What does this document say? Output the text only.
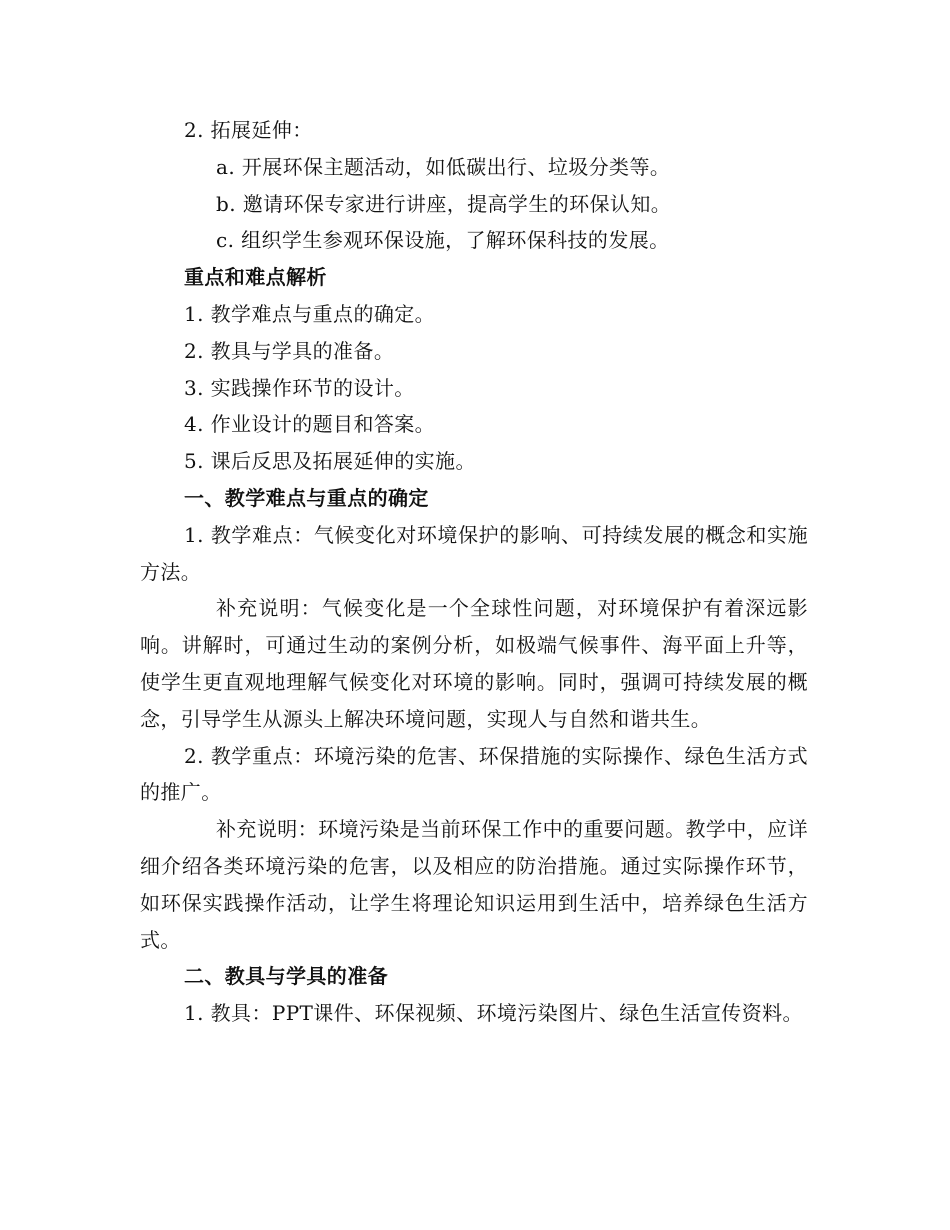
2. 拓展延伸：
a. 开展环保主题活动，如低碳出行、垃圾分类等。
b. 邀请环保专家进行讲座，提高学生的环保认知。
c. 组织学生参观环保设施，了解环保科技的发展。
重点和难点解析
1. 教学难点与重点的确定。
2. 教具与学具的准备。
3. 实践操作环节的设计。
4. 作业设计的题目和答案。
5. 课后反思及拓展延伸的实施。
一、教学难点与重点的确定
1. 教学难点：气候变化对环境保护的影响、可持续发展的概念和实施方法。
补充说明：气候变化是一个全球性问题，对环境保护有着深远影响。讲解时，可通过生动的案例分析，如极端气候事件、海平面上升等，使学生更直观地理解气候变化对环境的影响。同时，强调可持续发展的概念，引导学生从源头上解决环境问题，实现人与自然和谐共生。
2. 教学重点：环境污染的危害、环保措施的实际操作、绿色生活方式的推广。
补充说明：环境污染是当前环保工作中的重要问题。教学中，应详细介绍各类环境污染的危害，以及相应的防治措施。通过实际操作环节，如环保实践操作活动，让学生将理论知识运用到生活中，培养绿色生活方式。
二、教具与学具的准备
1. 教具：PPT课件、环保视频、环境污染图片、绿色生活宣传资料。
